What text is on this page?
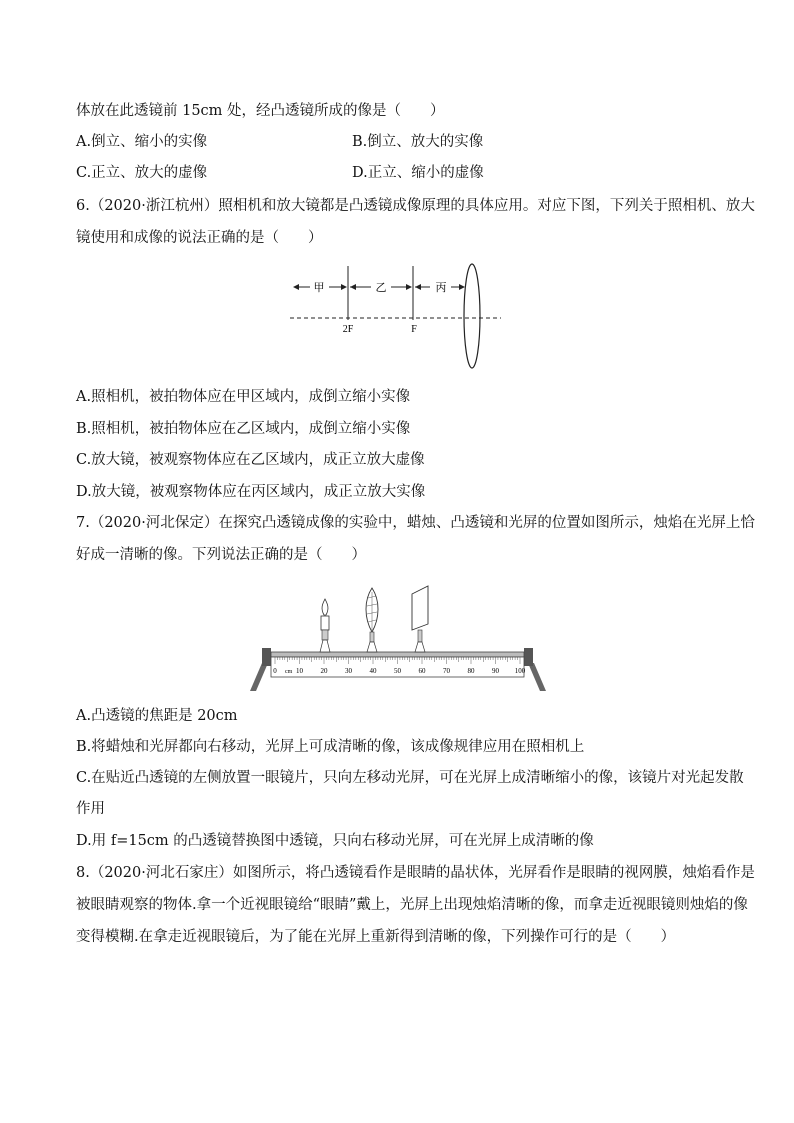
体放在此透镜前 15cm 处，经凸透镜所成的像是（　　）
A.倒立、缩小的实像	B.倒立、放大的实像
C.正立、放大的虚像	D.正立、缩小的虚像
6.（2020·浙江杭州）照相机和放大镜都是凸透镜成像原理的具体应用。对应下图，下列关于照相机、放大
镜使用和成像的说法正确的是（　　）
甲	乙	丙
2F	F
A.照相机，被拍物体应在甲区域内，成倒立缩小实像
B.照相机，被拍物体应在乙区域内，成倒立缩小实像
C.放大镜，被观察物体应在乙区域内，成正立放大虚像
D.放大镜，被观察物体应在丙区域内，成正立放大实像
7.（2020·河北保定）在探究凸透镜成像的实验中，蜡烛、凸透镜和光屏的位置如图所示，烛焰在光屏上恰
好成一清晰的像。下列说法正确的是（　　）
0	10	20	30	40	50	60	70	80	90 100
cm
A.凸透镜的焦距是 20cm
B.将蜡烛和光屏都向右移动，光屏上可成清晰的像，该成像规律应用在照相机上
C.在贴近凸透镜的左侧放置一眼镜片，只向左移动光屏，可在光屏上成清晰缩小的像，该镜片对光起发散
作用
D.用 f=15cm 的凸透镜替换图中透镜，只向右移动光屏，可在光屏上成清晰的像
8.（2020·河北石家庄）如图所示，将凸透镜看作是眼睛的晶状体，光屏看作是眼睛的视网膜，烛焰看作是
被眼睛观察的物体.拿一个近视眼镜给“眼睛”戴上，光屏上出现烛焰清晰的像，而拿走近视眼镜则烛焰的像
变得模糊.在拿走近视眼镜后，为了能在光屏上重新得到清晰的像，下列操作可行的是（　　）
